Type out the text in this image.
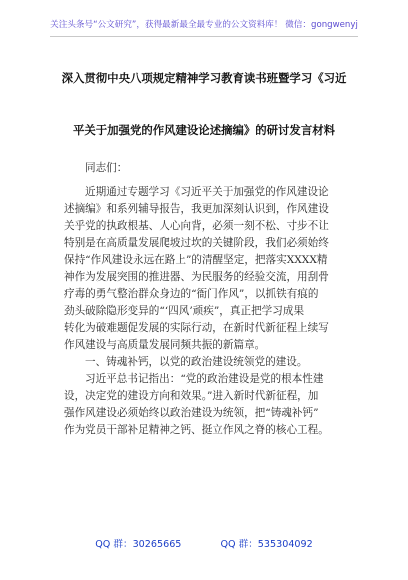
关注头条号“公文研究”，获得最新最全最专业的公文资料库！ 微信：gongwenyj
深入贯彻中央八项规定精神学习教育读书班暨学习《习近
平关于加强党的作风建设论述摘编》的研讨发言材料
同志们：
近期通过专题学习《习近平关于加强党的作风建设论
述摘编》和系列辅导报告，我更加深刻认识到，作风建设
关乎党的执政根基、人心向背，必须一刻不松、寸步不让
特别是在高质量发展爬坡过坎的关键阶段，我们必须始终
保持“作风建设永远在路上”的清醒坚定，把落实XXXX精
神作为发展突围的推进器、为民服务的经验交流，用刮骨
疗毒的勇气整治群众身边的“衙门作风”，以抓铁有痕的
劲头破除隐形变异的“‘四风’顽疾”，真正把学习成果
转化为破难题促发展的实际行动，在新时代新征程上续写
作风建设与高质量发展同频共振的新篇章。
一、铸魂补钙，以党的政治建设统领党的建设。
习近平总书记指出：“党的政治建设是党的根本性建
设，决定党的建设方向和效果。”进入新时代新征程，加
强作风建设必须始终以政治建设为统领，把“铸魂补钙”
作为党员干部补足精神之钙、挺立作风之脊的核心工程。
QQ 群：30265665	QQ 群：535304092
